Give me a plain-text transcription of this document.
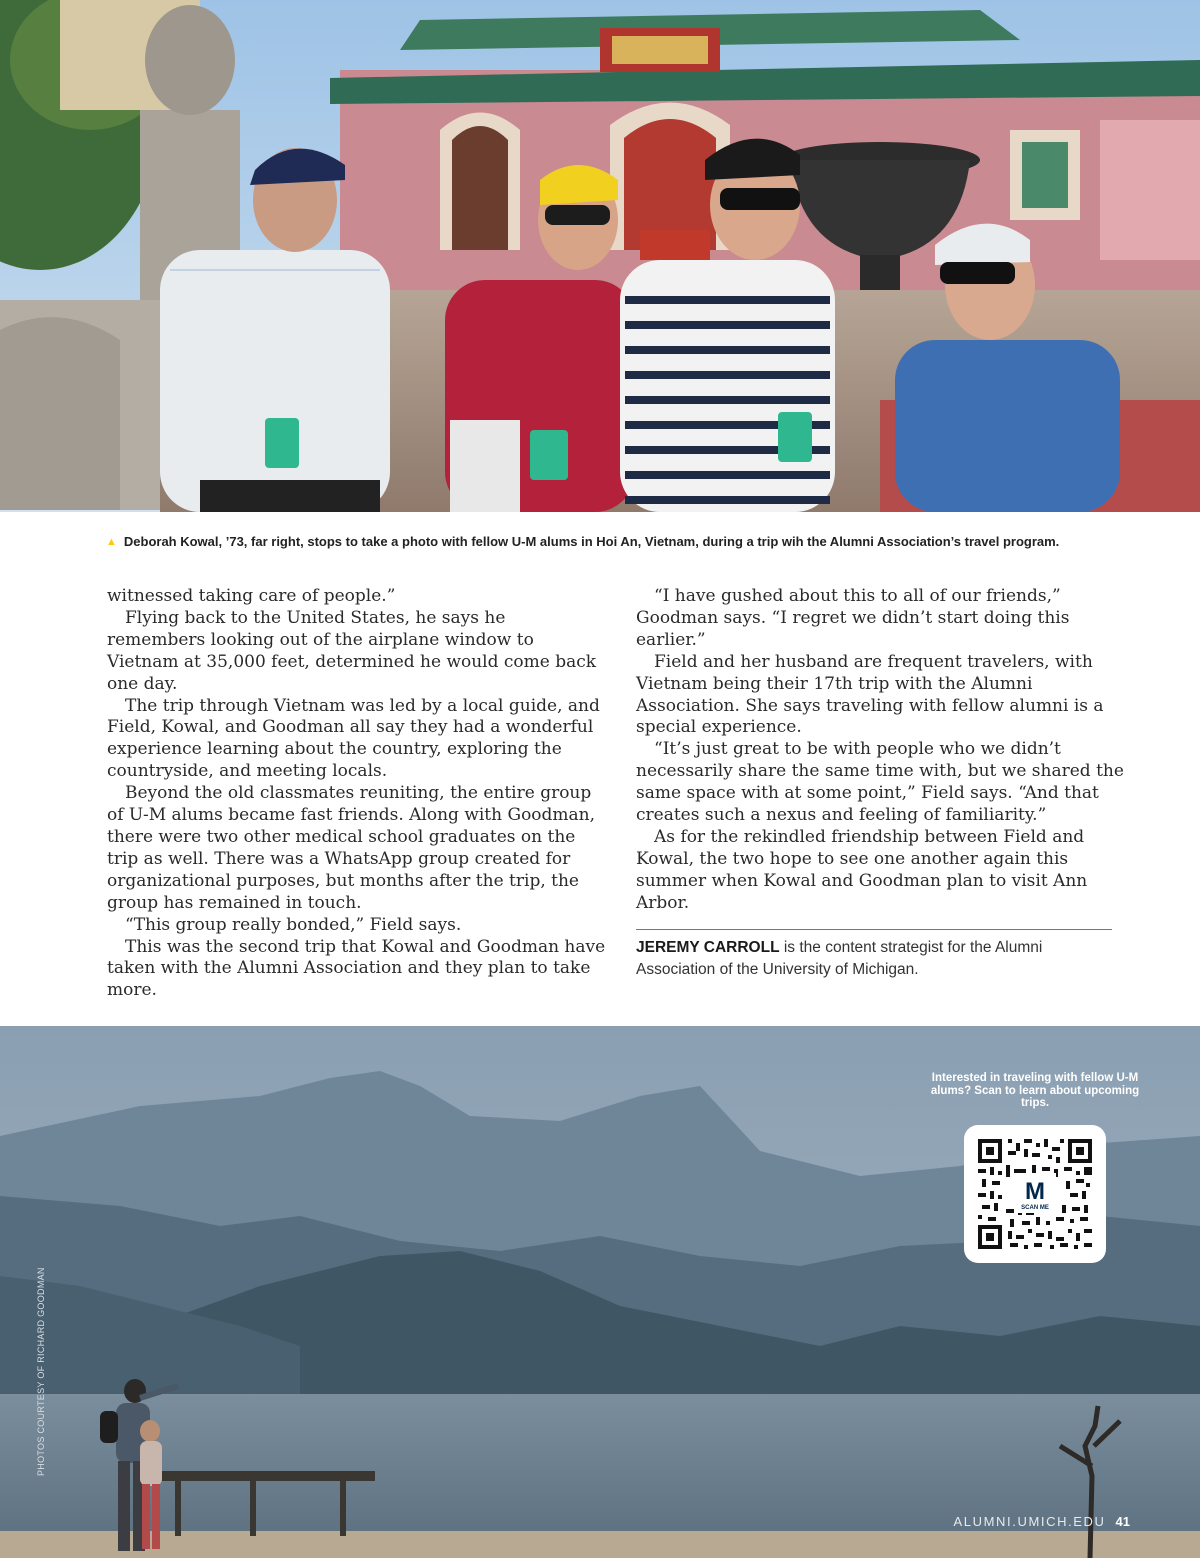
▲ Deborah Kowal, ’73, far right, stops to take a photo with fellow U-M alums in Hoi An, Vietnam, during a trip wih the Alumni Association’s travel program.

witnessed taking care of people.”

Flying back to the United States, he says he remembers looking out of the airplane window to Vietnam at 35,000 feet, determined he would come back one day.

The trip through Vietnam was led by a local guide, and Field, Kowal, and Goodman all say they had a wonderful experience learning about the country, exploring the countryside, and meeting locals.

Beyond the old classmates reuniting, the entire group of U-M alums became fast friends. Along with Goodman, there were two other medical school graduates on the trip as well. There was a WhatsApp group created for organizational purposes, but months after the trip, the group has remained in touch.

“This group really bonded,” Field says.

This was the second trip that Kowal and Goodman have taken with the Alumni Association and they plan to take more.

“I have gushed about this to all of our friends,” Goodman says. “I regret we didn’t start doing this earlier.”

Field and her husband are frequent travelers, with Vietnam being their 17th trip with the Alumni Association. She says traveling with fellow alumni is a special experience.

“It’s just great to be with people who we didn’t necessarily share the same time with, but we shared the same space with at some point,” Field says. “And that creates such a nexus and feeling of familiarity.”

As for the rekindled friendship between Field and Kowal, the two hope to see one another again this summer when Kowal and Goodman plan to visit Ann Arbor.

JEREMY CARROLL is the content strategist for the Alumni Association of the University of Michigan.
Interested in traveling with fellow U-M alums? Scan to learn about upcoming trips.
M
SCAN ME
PHOTOS COURTESY OF RICHARD GOODMAN
ALUMNI.UMICH.EDU 41
